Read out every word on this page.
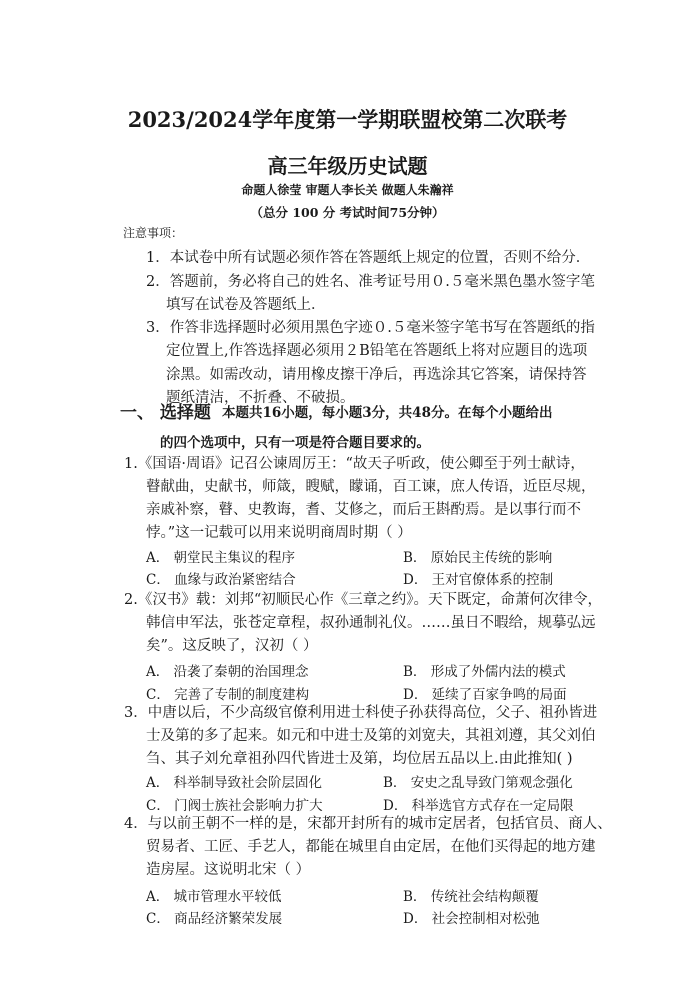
2023/2024学年度第一学期联盟校第二次联考
高三年级历史试题
命题人徐莹 审题人李长关 做题人朱瀚祥
（总分 100 分 考试时间75分钟）
注意事项：
1．本试卷中所有试题必须作答在答题纸上规定的位置，否则不给分．
2．答题前，务必将自己的姓名、准考证号用０.５毫米黑色墨水签字笔
填写在试卷及答题纸上．
3．作答非选择题时必须用黑色字迹０.５毫米签字笔书写在答题纸的指
定位置上,作答选择题必须用２B铅笔在答题纸上将对应题目的选项
涂黑。如需改动，请用橡皮擦干净后，再选涂其它答案，请保持答
题纸清洁，不折叠、不破损。
一、 选择题 本题共16小题，每小题3分，共48分。在每个小题给出
的四个选项中，只有一项是符合题目要求的。
1.《国语·周语》记召公谏周厉王：“故天子听政，使公卿至于列士献诗，
瞽献曲，史献书，师箴，瞍赋，矇诵，百工谏，庶人传语，近臣尽规，
亲戚补察，瞽、史教诲，耆、艾修之，而后王斟酌焉。是以事行而不
悖。”这一记载可以用来说明商周时期（ ）
A． 朝堂民主集议的程序	B． 原始民主传统的影响
C． 血缘与政治紧密结合	D． 王对官僚体系的控制
2.《汉书》载：刘邦“初顺民心作《三章之约》。天下既定，命萧何次律令，
韩信申军法，张苍定章程，叔孙通制礼仪。……虽日不暇给，规摹弘远
矣”。这反映了，汉初（ ）
A． 沿袭了秦朝的治国理念	B． 形成了外儒内法的模式
C． 完善了专制的制度建构	D． 延续了百家争鸣的局面
3．中唐以后，不少高级官僚利用进士科使子孙获得高位，父子、祖孙皆进
士及第的多了起来。如元和中进士及第的刘宽夫，其祖刘遵，其父刘伯
刍、其子刘允章祖孙四代皆进士及第，均位居五品以上.由此推知( )
A． 科举制导致社会阶层固化	B． 安史之乱导致门第观念强化
C． 门阀士族社会影响力扩大	D． 科举选官方式存在一定局限
4．与以前王朝不一样的是，宋都开封所有的城市定居者，包括官员、商人、
贸易者、工匠、手艺人，都能在城里自由定居，在他们买得起的地方建
造房屋。这说明北宋（ ）
A． 城市管理水平较低	B． 传统社会结构颠覆
C． 商品经济繁荣发展	D． 社会控制相对松弛
